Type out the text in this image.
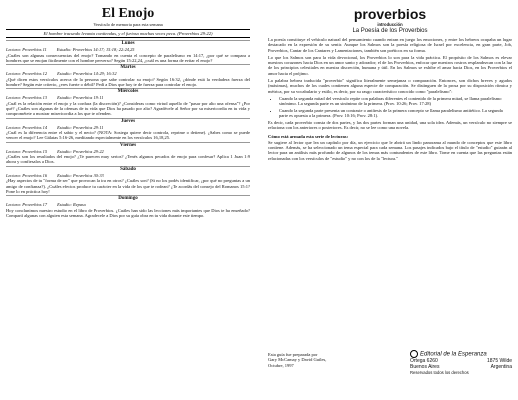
El Enojo

Versículo de memoria para esta semana

El hombre iracundo levanta contiendas, y el furioso muchas veces peca. (Proverbios 29:22)

Lunes

Lectura: Proverbios 11 Estudio: Proverbios 14:17; 15:18; 22:24,25

¿Cuáles son algunas consecuencias del enojo? Tomando en cuenta el concepto de paralelismo en 14:17, ¿por qué se compara a hombres que se enojan fácilmente con el hombre perverso? Según 15:22,24, ¿cuál es una forma de evitar el enojo?

Martes

Lectura: Proverbios 12 Estudio: Proverbios 14:29; 16:32

¿Qué dicen estos versículos acerca de la persona que sabe controlar su enojo? Según 16:32, ¿dónde está la verdadera fuerza del hombre? Según este criterio, ¿eres fuerte o débil? Pedí a Dios que hoy te de fuerza para controlar el enojo.

Miércoles

Lectura: Proverbios 13 Estudio: Proverbios 19:11

¿Cuál es la relación entre el enojo y la cordura (la discreción)? ¿Consideras como virtud aquello de "pasar por alto una ofensa"? ¿Por qué? ¿Cuáles son algunas de la ofensas de tu vida que Dios ha pasado por alto? Agradécele al Señor por su misericordia en tu vida y comprométete a mostrar misericordia a los que te ofenden.

Jueves

Lectura: Proverbios 14 Estudio: Proverbios 29:11

¿Cuál es la diferencia entre el sabio y el necio? (NOTA: Sosiega quiere decir controla, reprime o detiene). ¿Sabes como se puede vencer el enojo? Lee Gálatas 5:16-26, meditando especialmente en los versículos 16,18,25.

Viernes

Lectura: Proverbios 15 Estudio: Proverbios 29:22

¿Cuáles son los resultados del enojo? ¿Te parecen muy serios? ¿Tenés algunos pecados de enojo para confesar? Aplica 1 Juan 1:9 ahora y confiesalos a Dios.

Sábado

Lectura: Proverbios 16 Estudio: Proverbios 30:33

¿Hay aspectos de tu "forma de ser" que provocan la ira en otros? ¿Cuáles son? (Si no los podés identificar, ¿por qué no preguntas a un amigo de confianza?). ¿Cuáles efectos produce tu carácter en la vida de los que te rodean? ¿Te acordás del consejo del Romanos 15:1? Pone lo en práctica hoy!

Domingo

Lectura: Proverbios 17 Estudio: Repaso

Hoy conclunimos nuestro estudio en el libro de Proverbios. ¿Cuáles han sido las lecciones más importantes que Dios te ha enseñado? Compartí algunas con alguien esta semana. Agradecele a Dios por su guía obra en tu vida durante este tiempo.

proverbios

introducción

La Poesía de los Proverbios

La poesía constituye el vehículo natural del pensamiento cuando entran en juego los emociones, y entre los hebreos ocupaba un lugar destacado en la expresión de su sentir. Aunque los Salmos son la poesía religiosa de Israel por excelencia, en gran parte, Job, Proverbios, Cantar de los Cantares y Lamentaciones, también son poéticos en su forma.

Lo que los Salmos son para la vida devocional, los Proverbios lo son para la vida práctica. El propósito de los Salmos es elevar nuestros corazones hacia Dios en un amor santo y adorador; el de los Proverbios, enfocar que nuestros rostros resplandezcan con la luz de los principios celestiales en nuestra discreción, humana y útil. En los Salmos se exhibe el amar hacia Dios, en los Proverbios el amor hacia el prójimo.

La palabra hebrea traducida "proverbio" significa literalmente semejanza o comparación. Entonces, son dichos breves y agudos (máximas), muchos de los cuales contienen alguna especie de comparación. Se distinguen de la prosa por su disposición rítmica y métrica, por su vocabulario y estilo, es decir, por su rasgo característico conocido como "paralelismo":

• Cuando la segunda mitad del versículo repite con palabras diferentes el contenido de la primera mitad, se llama paralelismo sinónimo. La segunda parte es un sinónimo de la primera. (Prov. 10:26; Prov. 17:28)
• Cuando la segunda parte presenta un contraste o antítesis de la primera concepto se llama paralelismo antitético. La segunda parte es opuesta a la primera. (Prov. 10:16; Prov. 28:1).

Es decir, cada proverbio consta de dos partes, y las dos partes forman una unidad, una sola idea. Además, un versículo no siempre se relaciona con los anteriores o posteriores. Es decir, no se lee como una novela.

Cómo está armada esta serie de lecturas:

Se sugiere al lector que lea un capítulo por día, un ejercicio que le abrirá un lindo panorama al mundo de conceptos que este libro contiene. Además, se ha seleccionado un tema especial para cada semana. Los pasajes indicados bajo el título de "estudio" guiarán al lector para un análisis más profundo de algunos de los temas más contundentes de este libro. Tome en cuenta que las preguntas están relacionadas con los versículos de "estudio" y no con los de la "lectura."

Esta guía fue preparada por
Gary McCamay y David Guiles,
Octubre, 1997
Editorial de la Esperanza
Ortega 6260	1875 Wilde
Buenos Aires	Argentina
Reservados todos los derechos
